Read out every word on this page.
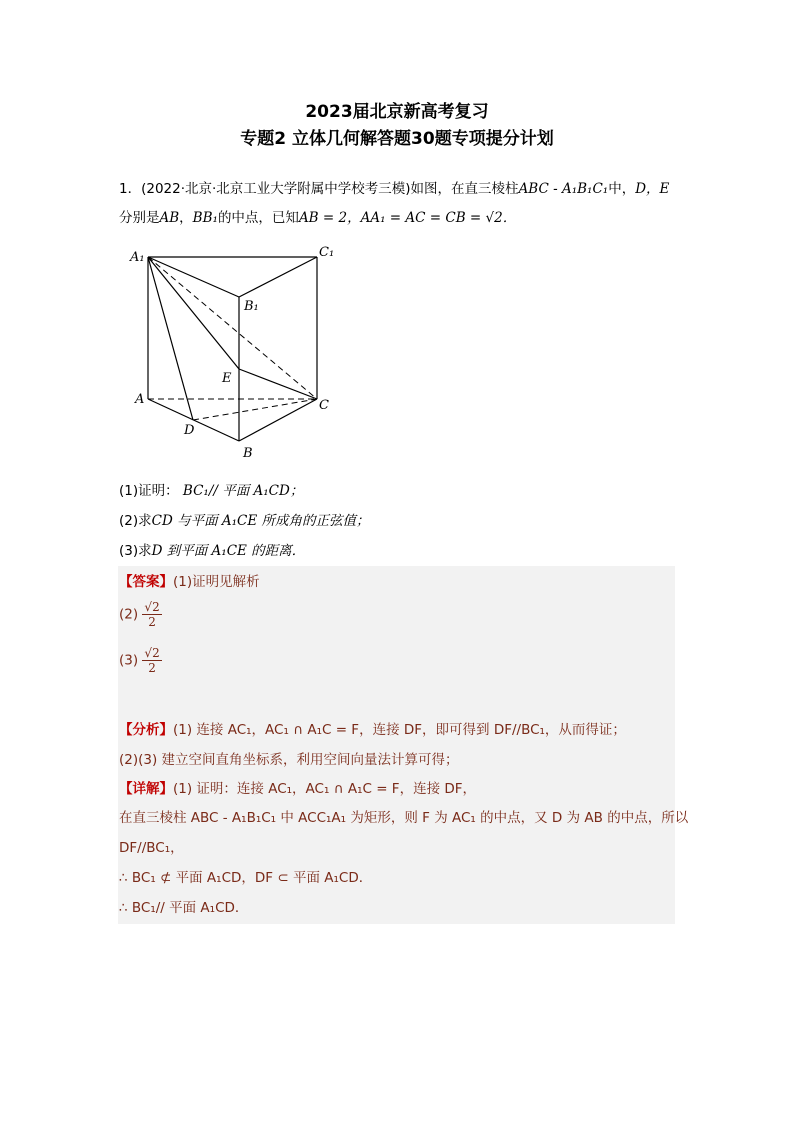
2023届北京新高考复习
专题2 立体几何解答题30题专项提分计划
1．(2022·北京·北京工业大学附属中学校考三模)如图，在直三棱柱ABC - A₁B₁C₁中，D，E
分别是AB，BB₁的中点，已知AB = 2，AA₁ = AC = CB = √2．
A₁	C₁
B₁
E
A	C
D
B
(1)证明： BC₁// 平面 A₁CD；
(2)求CD 与平面 A₁CE 所成角的正弦值；
(3)求D 到平面 A₁CE 的距离．
【答案】(1)证明见解析
$(2) \frac{√2}{2}$
$(3) \frac{√2}{2}$
【分析】(1) 连接 AC₁，AC₁ ∩ A₁C = F，连接 DF，即可得到 DF//BC₁，从而得证；
(2)(3) 建立空间直角坐标系，利用空间向量法计算可得；
【详解】(1) 证明：连接 AC₁，AC₁ ∩ A₁C = F，连接 DF，
在直三棱柱 ABC - A₁B₁C₁ 中 ACC₁A₁ 为矩形，则 F 为 AC₁ 的中点，又 D 为 AB 的中点，所以
DF//BC₁，
∴ BC₁ ⊄ 平面 A₁CD，DF ⊂ 平面 A₁CD．
∴ BC₁// 平面 A₁CD．
